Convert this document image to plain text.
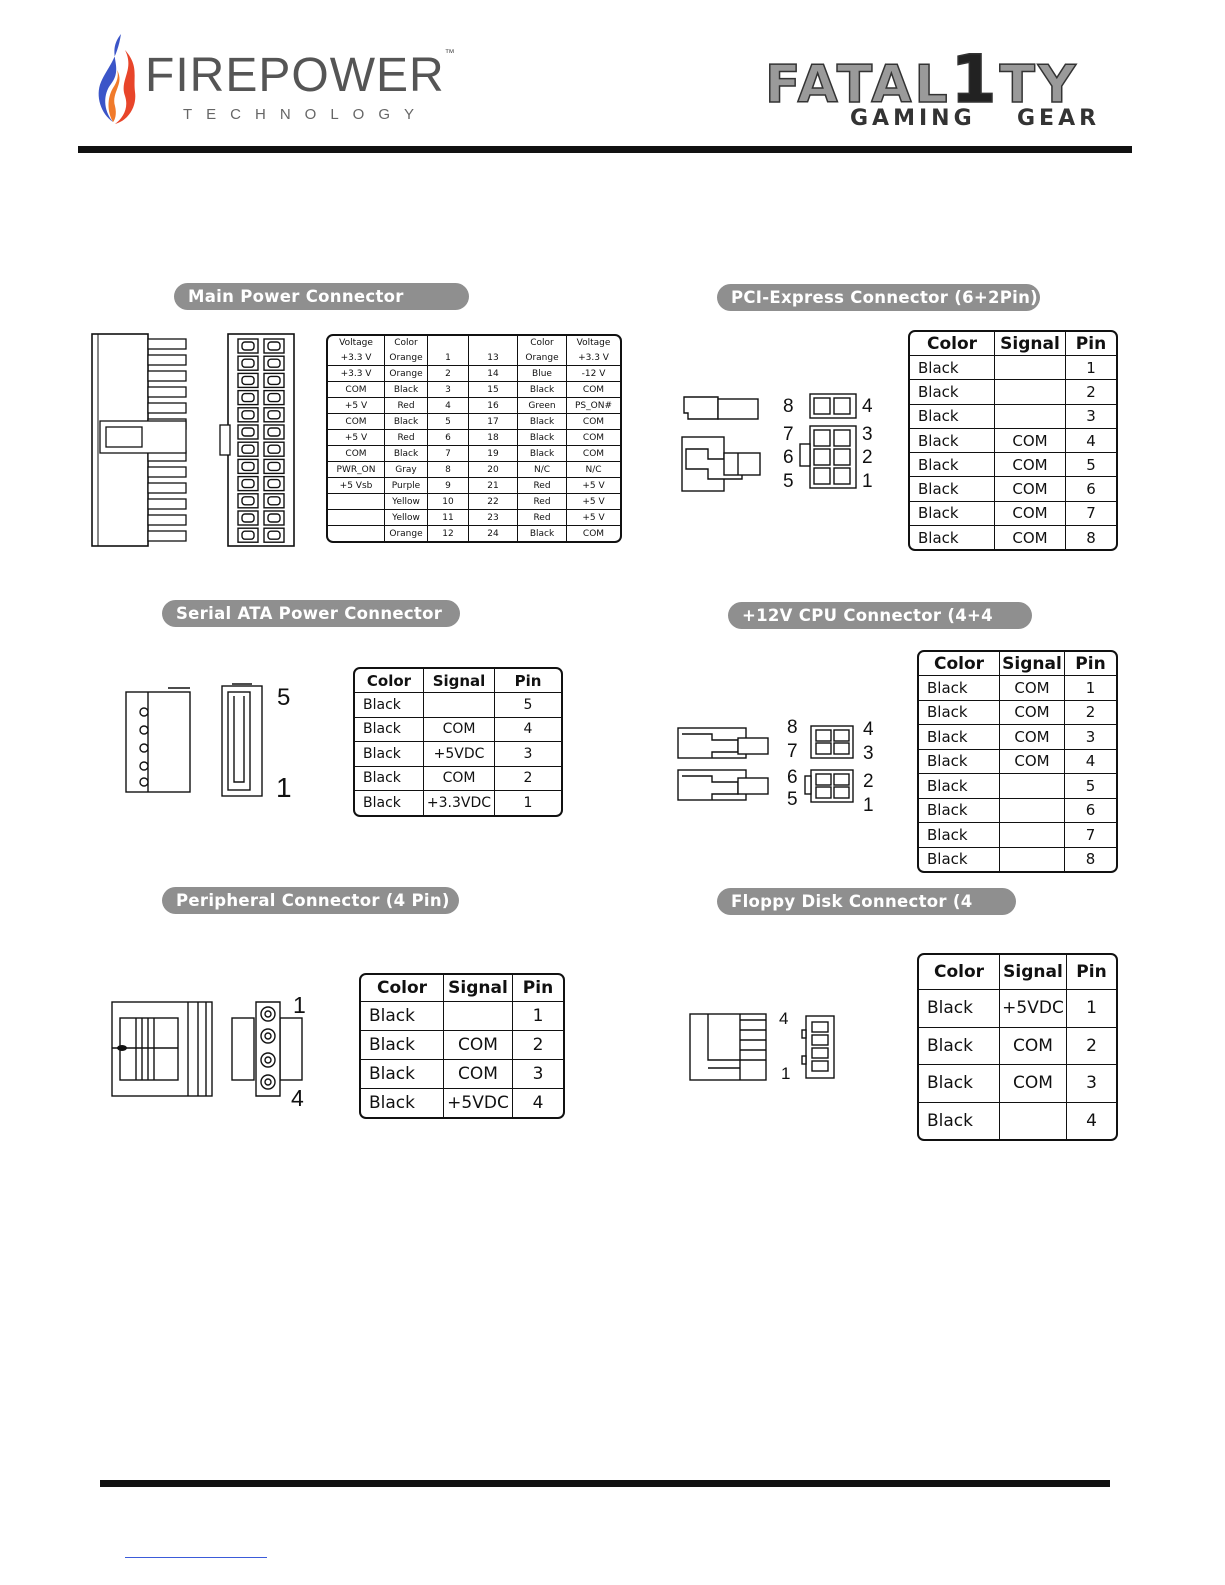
FIREPOWER™
TECHNOLOGY	FATAL1TY
GAMING GEAR
Main Power Connector
Voltage	Color			Color	Voltage
+3.3 V	Orange	1	13	Orange	+3.3 V
+3.3 V	Orange	2	14	Blue	-12 V
COM	Black	3	15	Black	COM
+5 V	Red	4	16	Green	PS_ON#
COM	Black	5	17	Black	COM
+5 V	Red	6	18	Black	COM
COM	Black	7	19	Black	COM
PWR_ON	Gray	8	20	N/C	N/C
+5 Vsb	Purple	9	21	Red	+5 V
	Yellow	10	22	Red	+5 V
	Yellow	11	23	Red	+5 V
	Orange	12	24	Black	COM
PCI-Express Connector (6+2Pin)
8	4
7	3
6	2
5	1
Color	Signal	Pin
Black		1
Black		2
Black		3
Black	COM	4
Black	COM	5
Black	COM	6
Black	COM	7
Black	COM	8
Serial ATA Power Connector
5
1
Color	Signal	Pin
Black		5
Black	COM	4
Black	+5VDC	3
Black	COM	2
Black	+3.3VDC	1
+12V CPU Connector (4+4 Pin)
8	4
7	3
6	2
5	1
Color	Signal	Pin
Black	COM	1
Black	COM	2
Black	COM	3
Black	COM	4
Black		5
Black		6
Black		7
Black		8
Peripheral Connector (4 Pin)
1
4
Color	Signal	Pin
Black		1
Black	COM	2
Black	COM	3
Black	+5VDC	4
Floppy Disk Connector (4 Pin)
4
1
Color	Signal	Pin
Black	+5VDC	1
Black	COM	2
Black	COM	3
Black		4
